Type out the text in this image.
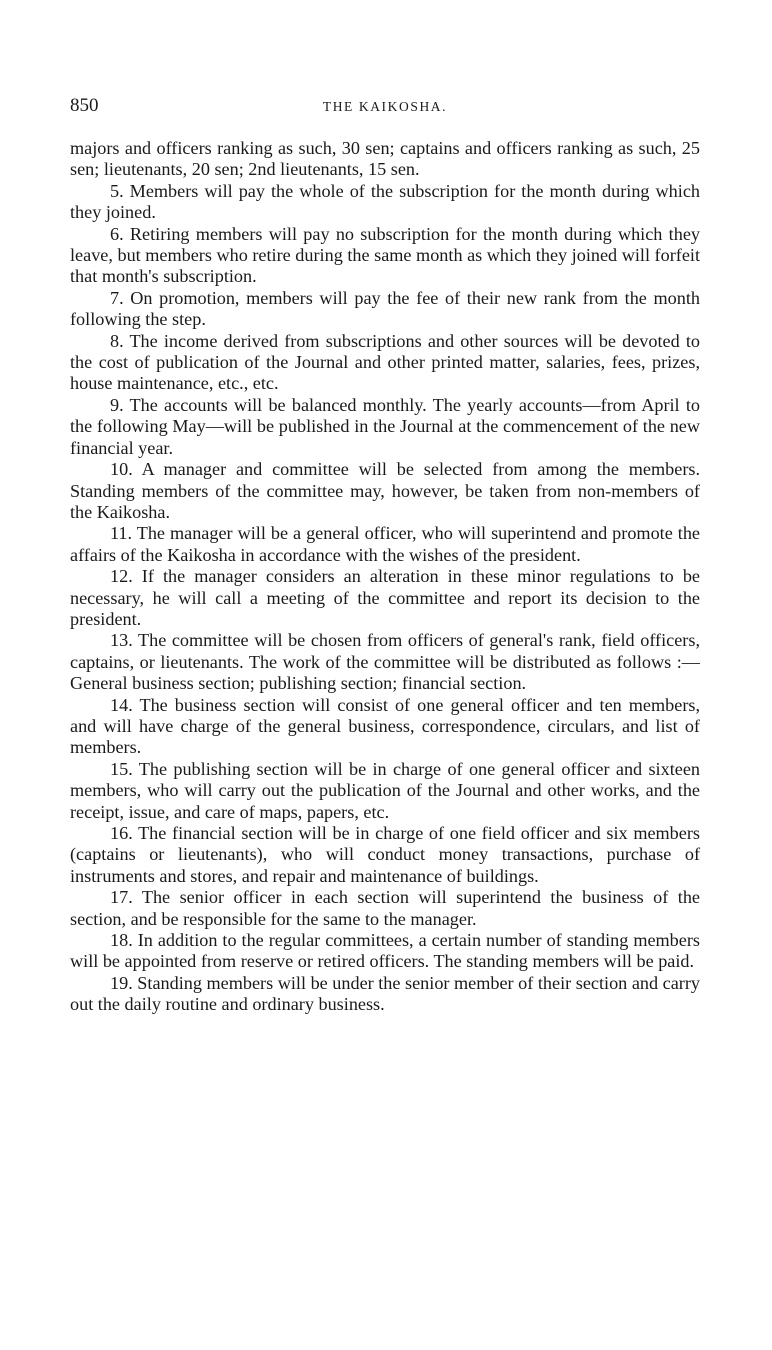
850	THE KAIKOSHA.

majors and officers ranking as such, 30 sen; captains and officers ranking as such, 25 sen; lieutenants, 20 sen; 2nd lieutenants, 15 sen.

5. Members will pay the whole of the subscription for the month during which they joined.

6. Retiring members will pay no subscription for the month during which they leave, but members who retire during the same month as which they joined will forfeit that month's subscription.

7. On promotion, members will pay the fee of their new rank from the month following the step.

8. The income derived from subscriptions and other sources will be devoted to the cost of publication of the Journal and other printed matter, salaries, fees, prizes, house maintenance, etc., etc.

9. The accounts will be balanced monthly. The yearly accounts—from April to the following May—will be published in the Journal at the commencement of the new financial year.

10. A manager and committee will be selected from among the members. Standing members of the committee may, however, be taken from non-members of the Kaikosha.

11. The manager will be a general officer, who will superintend and promote the affairs of the Kaikosha in accordance with the wishes of the president.

12. If the manager considers an alteration in these minor regulations to be necessary, he will call a meeting of the committee and report its decision to the president.

13. The committee will be chosen from officers of general's rank, field officers, captains, or lieutenants. The work of the committee will be distributed as follows :—General business section; publishing section; financial section.

14. The business section will consist of one general officer and ten members, and will have charge of the general business, correspondence, circulars, and list of members.

15. The publishing section will be in charge of one general officer and sixteen members, who will carry out the publication of the Journal and other works, and the receipt, issue, and care of maps, papers, etc.

16. The financial section will be in charge of one field officer and six members (captains or lieutenants), who will conduct money transactions, purchase of instruments and stores, and repair and maintenance of buildings.

17. The senior officer in each section will superintend the business of the section, and be responsible for the same to the manager.

18. In addition to the regular committees, a certain number of standing members will be appointed from reserve or retired officers. The standing members will be paid.

19. Standing members will be under the senior member of their section and carry out the daily routine and ordinary business.
